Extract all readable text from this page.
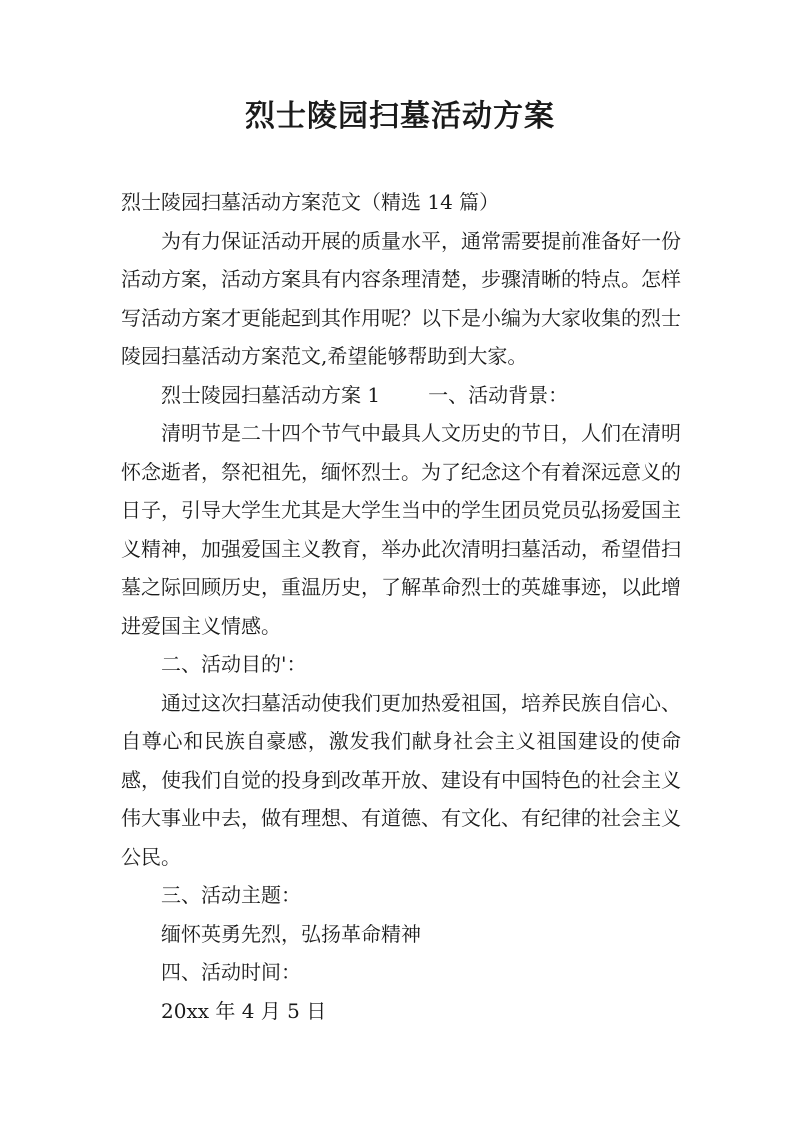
烈士陵园扫墓活动方案

烈士陵园扫墓活动方案范文（精选 14 篇）

为有力保证活动开展的质量水平，通常需要提前准备好一份活动方案，活动方案具有内容条理清楚，步骤清晰的特点。怎样写活动方案才更能起到其作用呢？以下是小编为大家收集的烈士陵园扫墓活动方案范文,希望能够帮助到大家。

烈士陵园扫墓活动方案 1 一、活动背景：

清明节是二十四个节气中最具人文历史的节日，人们在清明怀念逝者，祭祀祖先，缅怀烈士。为了纪念这个有着深远意义的日子，引导大学生尤其是大学生当中的学生团员党员弘扬爱国主义精神，加强爱国主义教育，举办此次清明扫墓活动，希望借扫墓之际回顾历史，重温历史，了解革命烈士的英雄事迹，以此增进爱国主义情感。

二、活动目的'：

通过这次扫墓活动使我们更加热爱祖国，培养民族自信心、自尊心和民族自豪感，激发我们献身社会主义祖国建设的使命感，使我们自觉的投身到改革开放、建设有中国特色的社会主义伟大事业中去，做有理想、有道德、有文化、有纪律的社会主义公民。

三、活动主题：

缅怀英勇先烈，弘扬革命精神

四、活动时间：

20xx 年 4 月 5 日
